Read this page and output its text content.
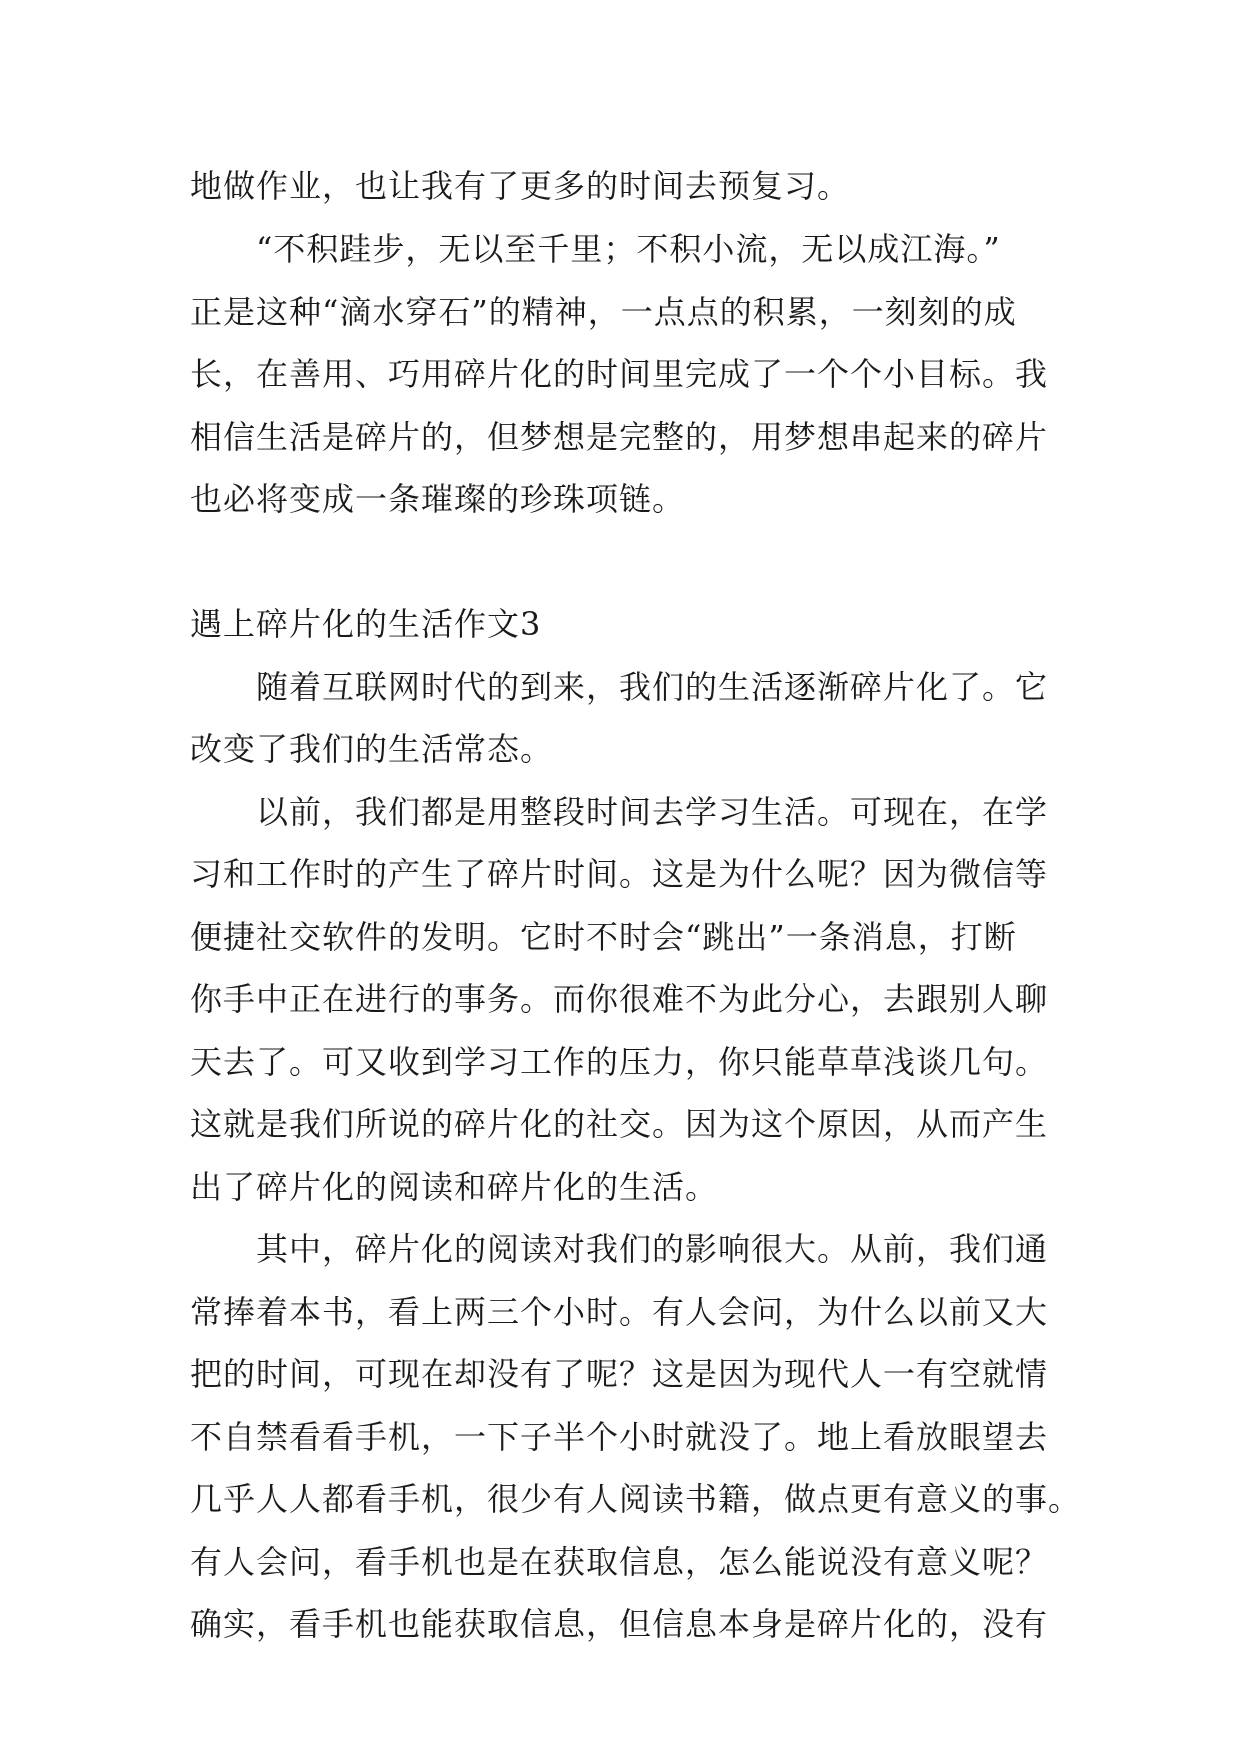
地做作业，也让我有了更多的时间去预复习。
　　“不积跬步，无以至千里；不积小流，无以成江海。”
正是这种“滴水穿石”的精神，一点点的积累，一刻刻的成
长，在善用、巧用碎片化的时间里完成了一个个小目标。我
相信生活是碎片的，但梦想是完整的，用梦想串起来的碎片
也必将变成一条璀璨的珍珠项链。
遇上碎片化的生活作文3
　　随着互联网时代的到来，我们的生活逐渐碎片化了。它
改变了我们的生活常态。
　　以前，我们都是用整段时间去学习生活。可现在，在学
习和工作时的产生了碎片时间。这是为什么呢？因为微信等
便捷社交软件的发明。它时不时会“跳出”一条消息，打断
你手中正在进行的事务。而你很难不为此分心，去跟别人聊
天去了。可又收到学习工作的压力，你只能草草浅谈几句。
这就是我们所说的碎片化的社交。因为这个原因，从而产生
出了碎片化的阅读和碎片化的生活。
　　其中，碎片化的阅读对我们的影响很大。从前，我们通
常捧着本书，看上两三个小时。有人会问，为什么以前又大
把的时间，可现在却没有了呢？这是因为现代人一有空就情
不自禁看看手机，一下子半个小时就没了。地上看放眼望去
几乎人人都看手机，很少有人阅读书籍，做点更有意义的事。
有人会问，看手机也是在获取信息，怎么能说没有意义呢？
确实，看手机也能获取信息，但信息本身是碎片化的，没有
